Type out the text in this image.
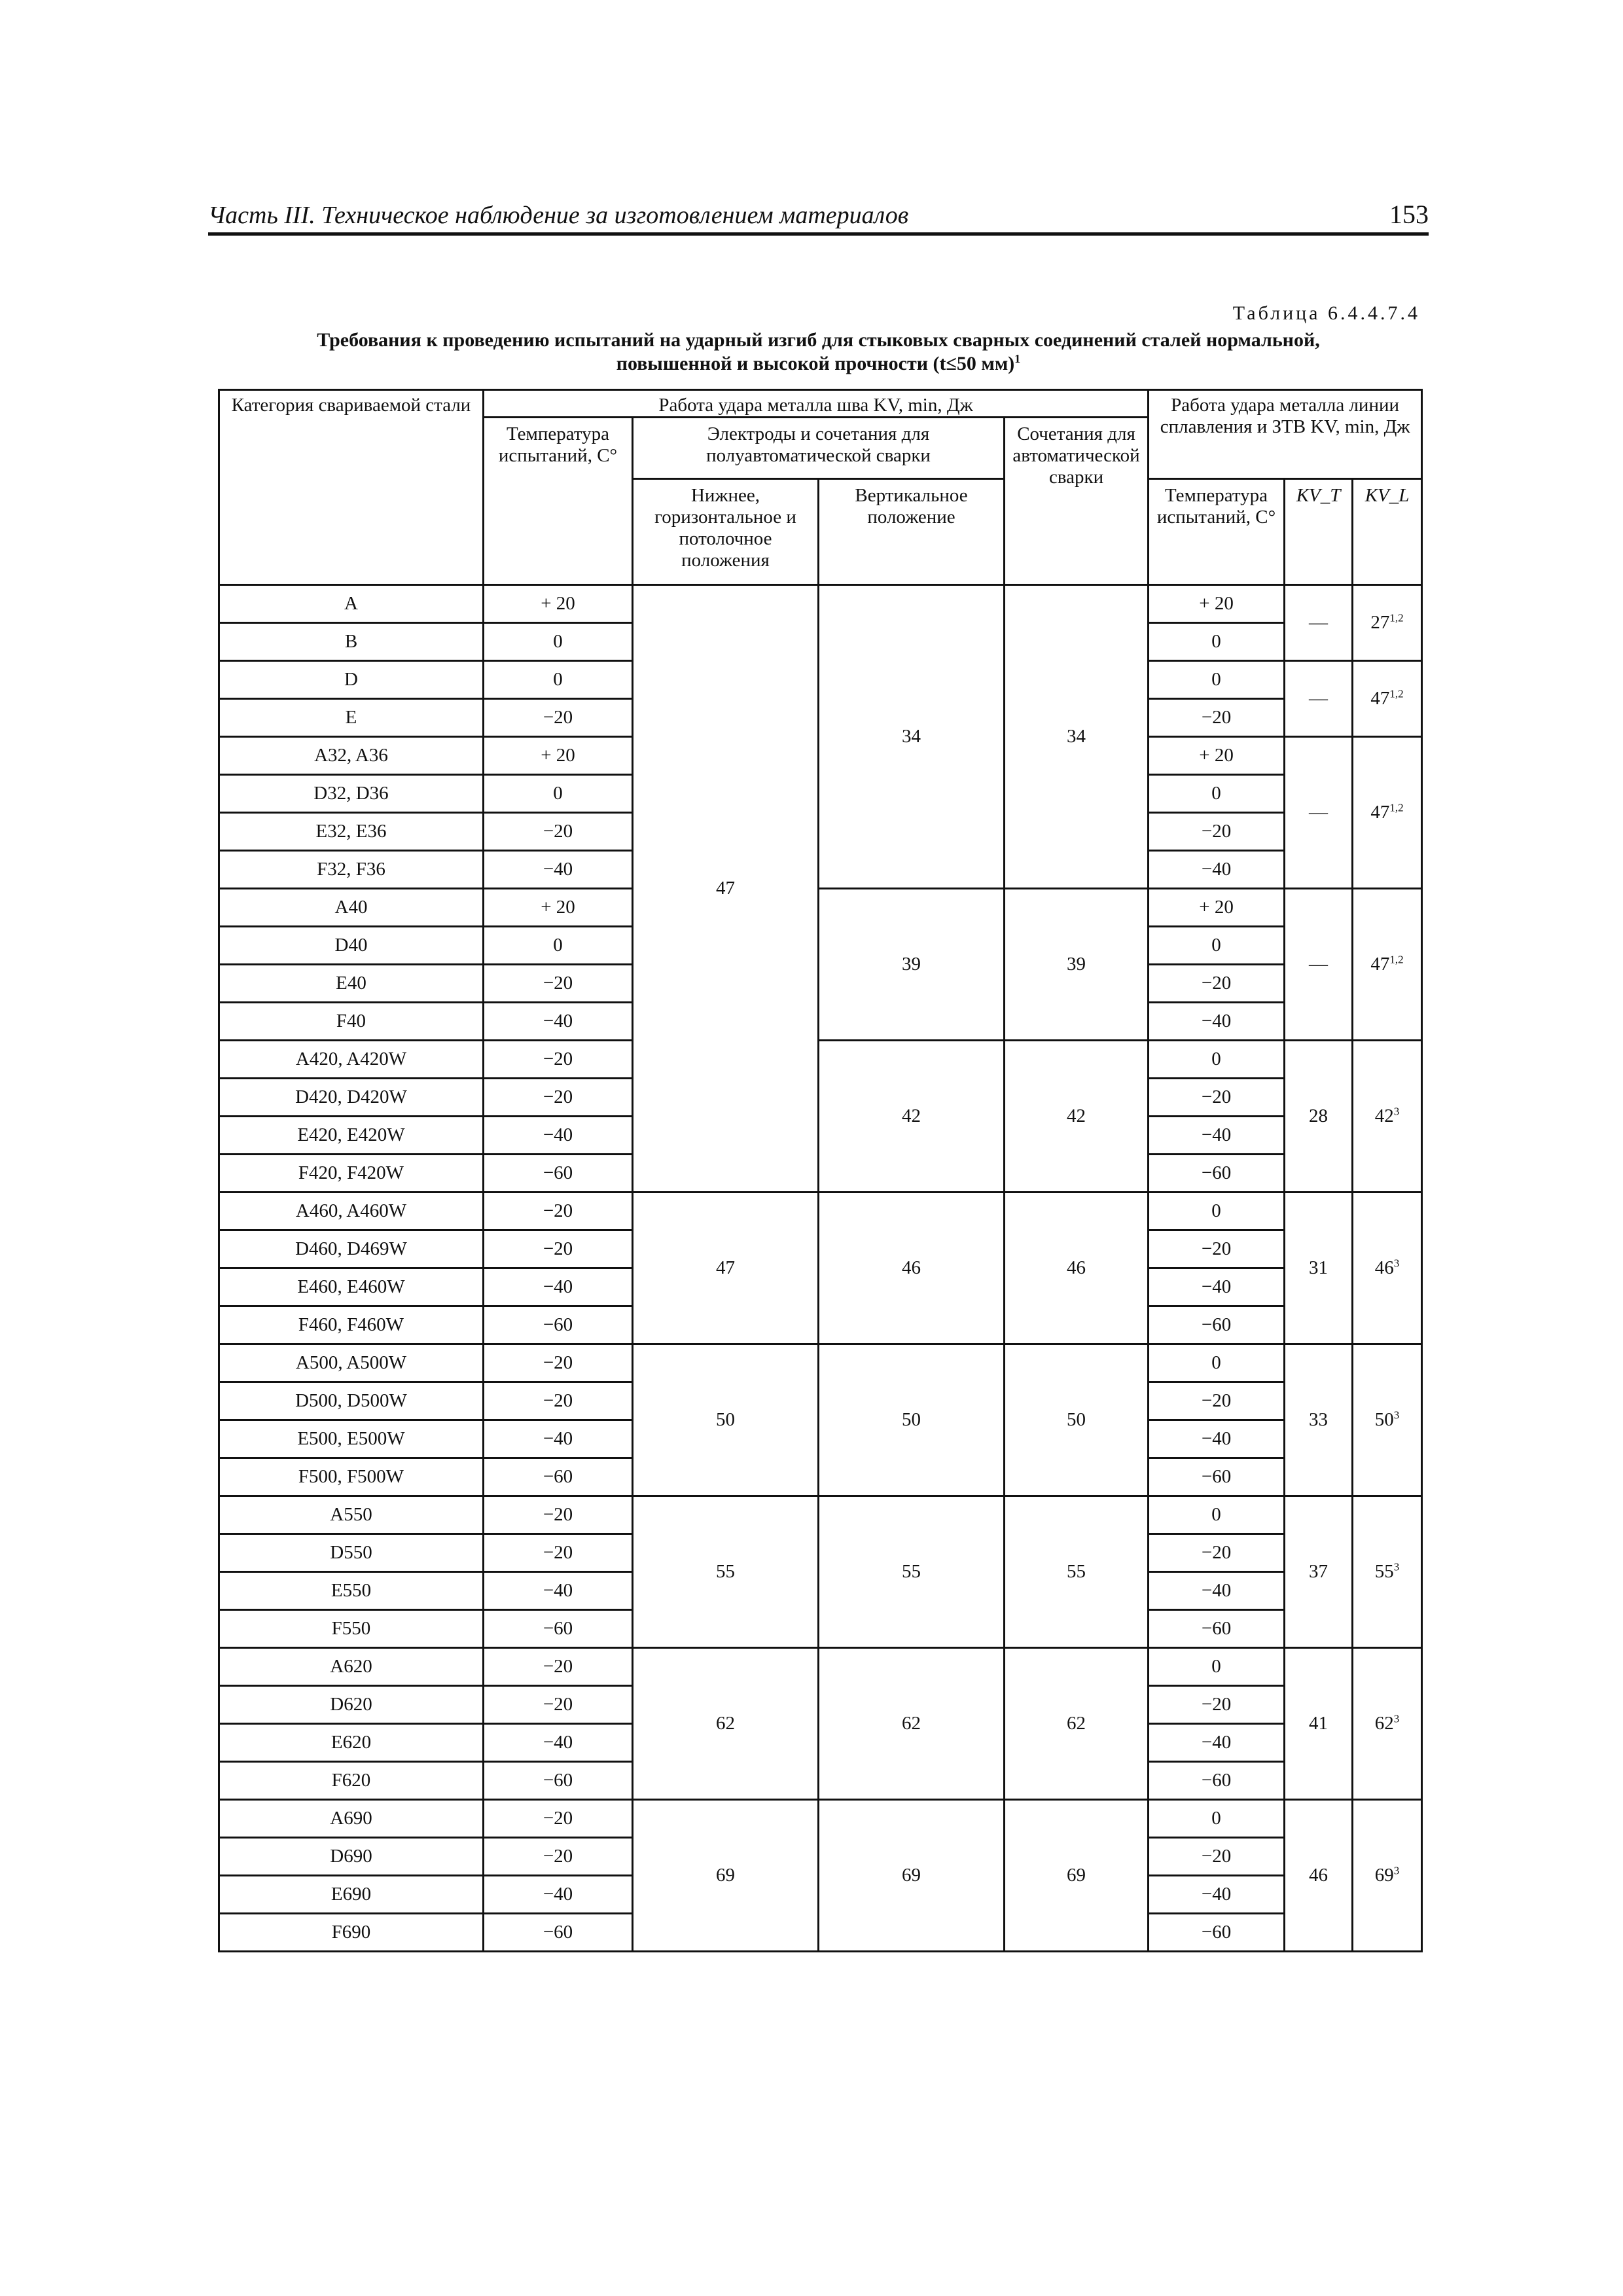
Часть III. Техническое наблюдение за изготовлением материалов	153
Таблица 6.4.4.7.4
Требования к проведению испытаний на ударный изгиб для стыковых сварных соединений сталей нормальной,
повышенной и высокой прочности (t≤50 мм)$^1$
Категория свариваемой стали	Работа удара металла шва KV, min, Дж				Работа удара металла линии сплавления и ЗТВ KV, min, Дж		
	Температура испытаний, С°	Электроды и сочетания для полуавтоматической сварки		Сочетания для автоматической сварки			
		Нижнее, горизонтальное и потолочное положения	Вертикальное положение		Температура испытаний, С°	KV_T	KV_L
A	+ 20	47	34	34	+ 20	—	27$^{1,2}$
B	0				0		
D	0				0	—	47$^{1,2}$
E	−20				−20		
A32, A36	+ 20				+ 20	—	47$^{1,2}$
D32, D36	0				0		
E32, E36	−20				−20		
F32, F36	−40				−40		
A40	+ 20		39	39	+ 20	—	47$^{1,2}$
D40	0				0		
E40	−20				−20		
F40	−40				−40		
A420, A420W	−20		42	42	0	28	$42^3$
D420, D420W	−20				−20		
E420, E420W	−40				−40		
F420, F420W	−60				−60		
A460, A460W	−20	47	46	46	0	31	$46^3$
D460, D469W	−20				−20		
E460, E460W	−40				−40		
F460, F460W	−60				−60		
A500, A500W	−20	50	50	50	0	33	$50^3$
D500, D500W	−20				−20		
E500, E500W	−40				−40		
F500, F500W	−60				−60		
A550	−20	55	55	55	0	37	$55^3$
D550	−20				−20		
E550	−40				−40		
F550	−60				−60		
A620	−20	62	62	62	0	41	$62^3$
D620	−20				−20		
E620	−40				−40		
F620	−60				−60		
A690	−20	69	69	69	0	46	$69^3$
D690	−20				−20		
E690	−40				−40		
F690	−60				−60		
